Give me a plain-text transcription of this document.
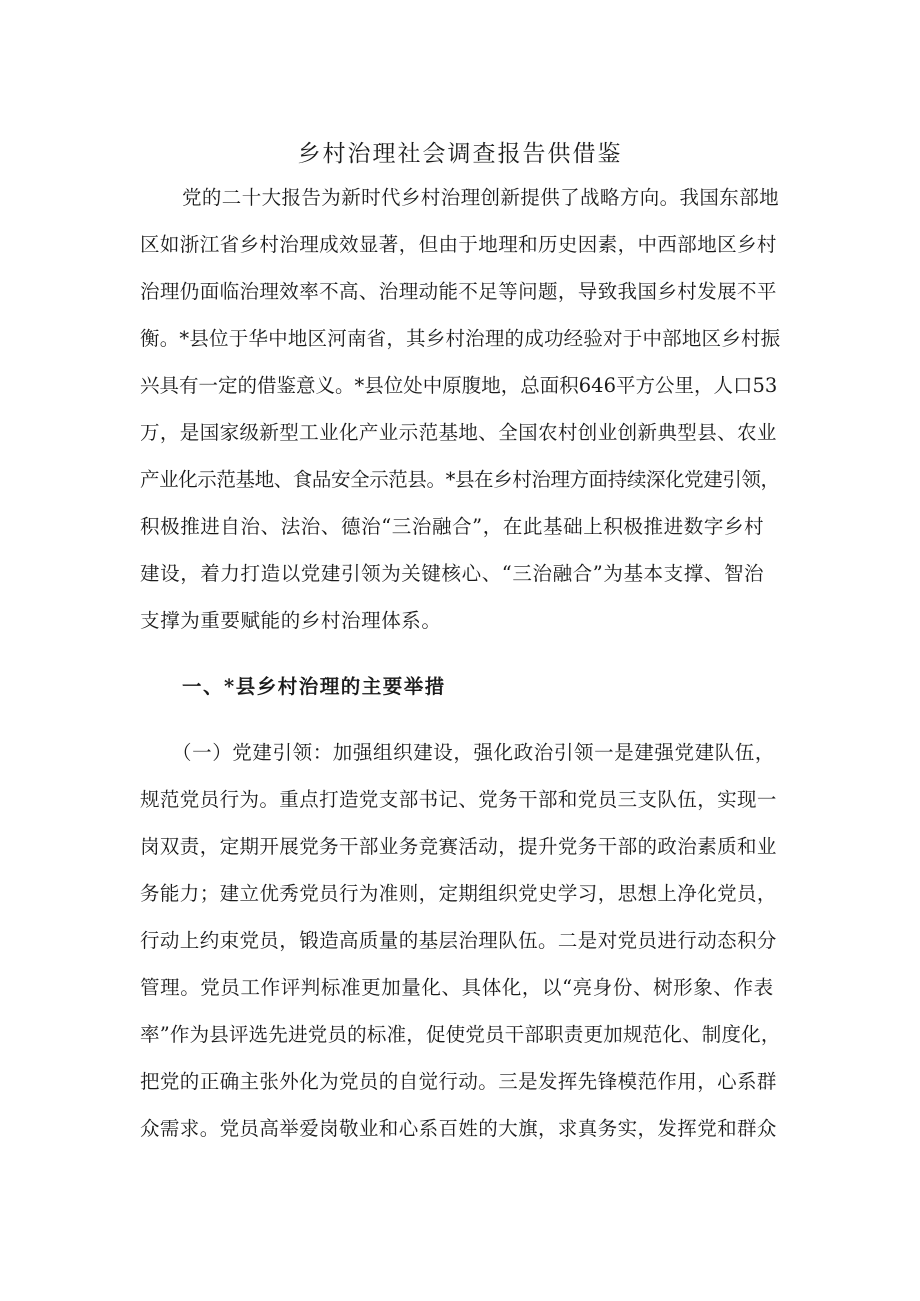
乡村治理社会调查报告供借鉴
党的二十大报告为新时代乡村治理创新提供了战略方向。我国东部地
区如浙江省乡村治理成效显著，但由于地理和历史因素，中西部地区乡村
治理仍面临治理效率不高、治理动能不足等问题，导致我国乡村发展不平
衡。*县位于华中地区河南省，其乡村治理的成功经验对于中部地区乡村振
兴具有一定的借鉴意义。*县位处中原腹地，总面积646平方公里，人口53
万，是国家级新型工业化产业示范基地、全国农村创业创新典型县、农业
产业化示范基地、食品安全示范县。*县在乡村治理方面持续深化党建引领，
积极推进自治、法治、德治“三治融合”，在此基础上积极推进数字乡村
建设，着力打造以党建引领为关键核心、“三治融合”为基本支撑、智治
支撑为重要赋能的乡村治理体系。
一、*县乡村治理的主要举措
（一）党建引领：加强组织建设，强化政治引领一是建强党建队伍，
规范党员行为。重点打造党支部书记、党务干部和党员三支队伍，实现一
岗双责，定期开展党务干部业务竞赛活动，提升党务干部的政治素质和业
务能力；建立优秀党员行为准则，定期组织党史学习，思想上净化党员，
行动上约束党员，锻造高质量的基层治理队伍。二是对党员进行动态积分
管理。党员工作评判标准更加量化、具体化，以“亮身份、树形象、作表
率”作为县评选先进党员的标准，促使党员干部职责更加规范化、制度化，
把党的正确主张外化为党员的自觉行动。三是发挥先锋模范作用，心系群
众需求。党员高举爱岗敬业和心系百姓的大旗，求真务实，发挥党和群众
